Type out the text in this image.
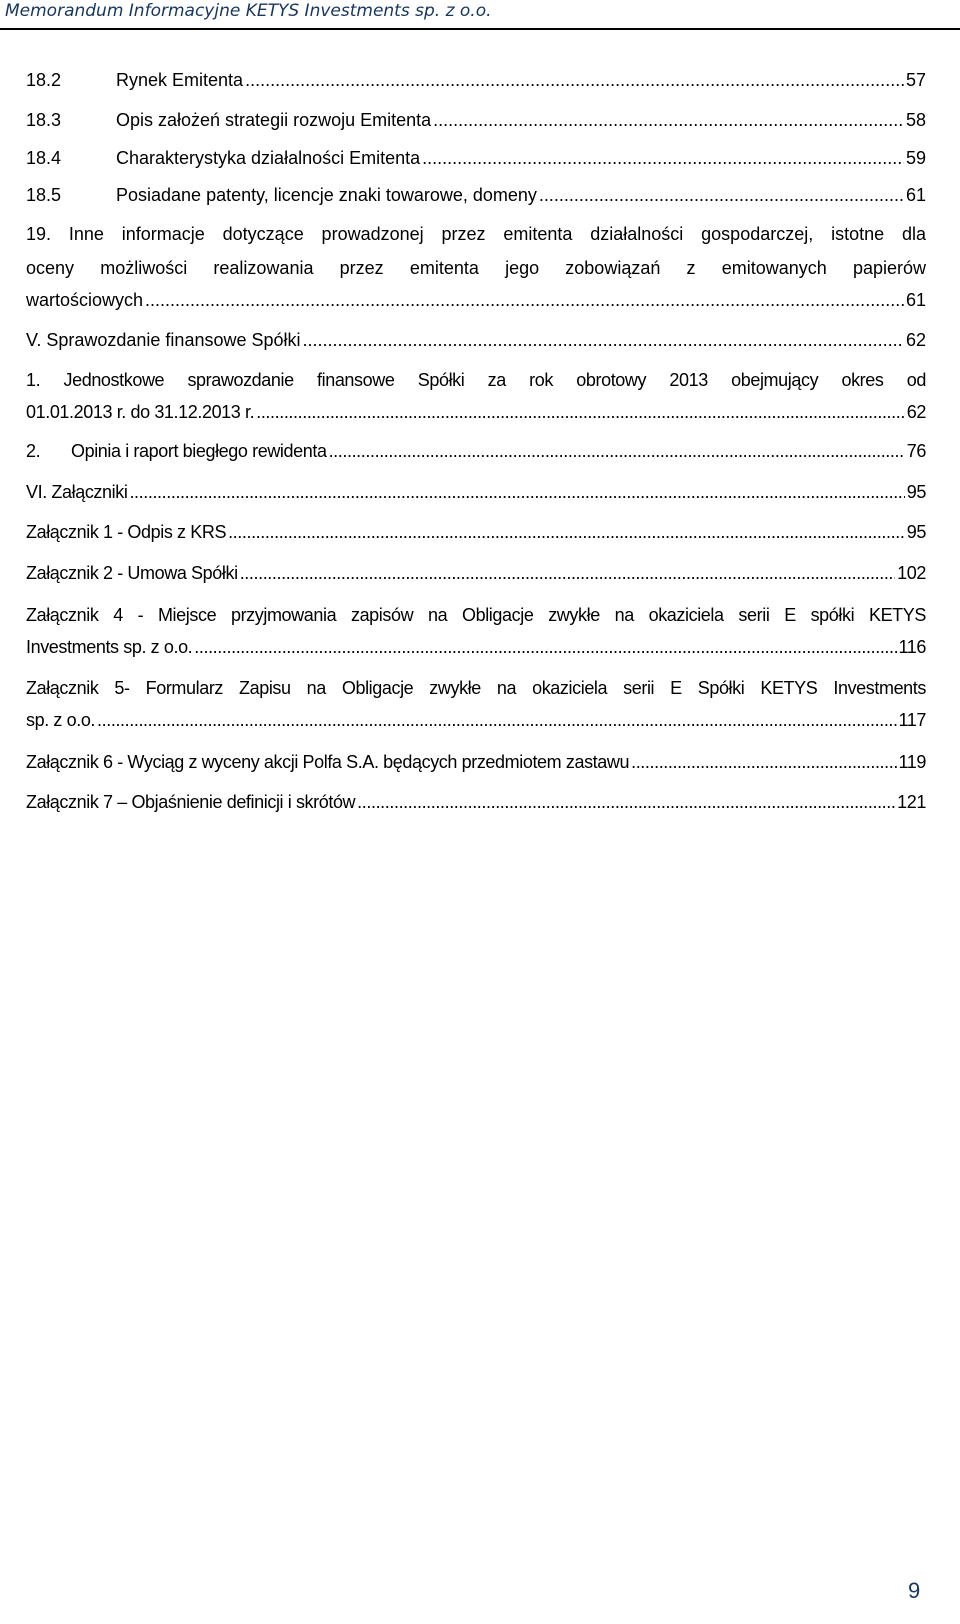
Memorandum Informacyjne KETYS Investments sp. z o.o.
18.2	Rynek Emitenta .....	57
18.3	Opis założeń strategii rozwoju Emitenta .....	58
18.4	Charakterystyka działalności Emitenta .....	59
18.5	Posiadane patenty, licencje znaki towarowe, domeny .....	61
19. Inne informacje dotyczące prowadzonej przez emitenta działalności gospodarczej, istotne dla
oceny możliwości realizowania przez emitenta jego zobowiązań z emitowanych papierów
wartościowych .....	61
V. Sprawozdanie finansowe Spółki .....	62
1. Jednostkowe sprawozdanie finansowe Spółki za rok obrotowy 2013 obejmujący okres od
01.01.2013 r. do 31.12.2013 r. .....	62
2.	Opinia i raport biegłego rewidenta .....	76
VI. Załączniki .....	95
Załącznik 1 - Odpis z KRS .....	95
Załącznik 2 - Umowa Spółki .....	102
Załącznik 4 - Miejsce przyjmowania zapisów na Obligacje zwykłe na okaziciela serii E spółki KETYS
Investments sp. z o.o. .....	116
Załącznik 5- Formularz Zapisu na Obligacje zwykłe na okaziciela serii E Spółki KETYS Investments
sp. z o.o. .....	117
Załącznik 6 - Wyciąg z wyceny akcji Polfa S.A. będących przedmiotem zastawu .....	119
Załącznik 7 – Objaśnienie definicji i skrótów .....	121
9
